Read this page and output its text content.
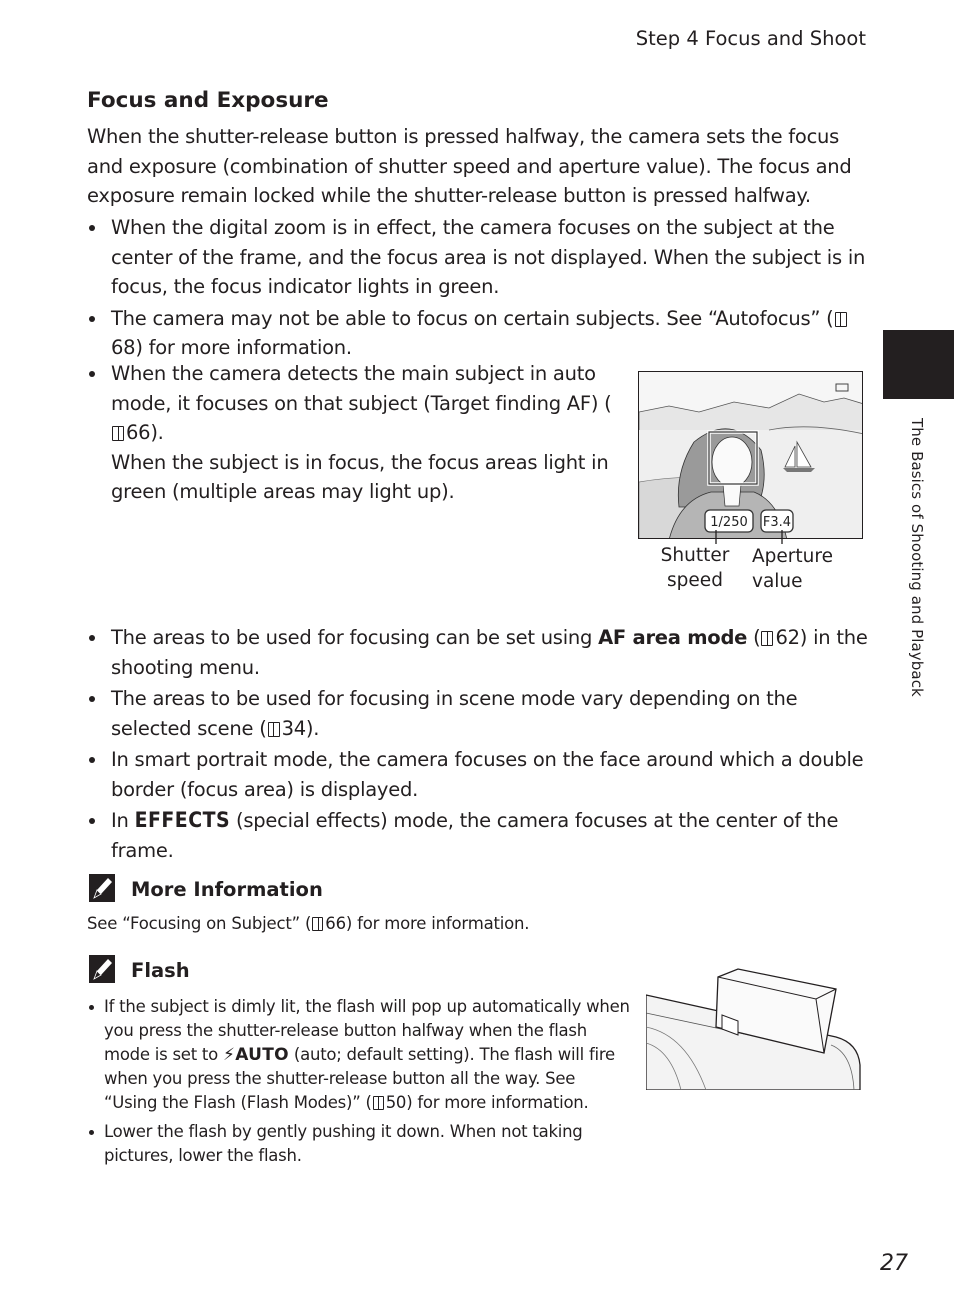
Step 4 Focus and Shoot
Focus and Exposure
When the shutter-release button is pressed halfway, the camera sets the focus and exposure (combination of shutter speed and aperture value). The focus and exposure remain locked while the shutter-release button is pressed halfway.
When the digital zoom is in effect, the camera focuses on the subject at the center of the frame, and the focus area is not displayed. When the subject is in focus, the focus indicator lights in green.
The camera may not be able to focus on certain subjects. See “Autofocus” (68) for more information.
When the camera detects the main subject in auto mode, it focuses on that subject (Target finding AF) (66).
When the subject is in focus, the focus areas light in green (multiple areas may light up).
1/250 F3.4
Shutter
speed
Aperture
value
The areas to be used for focusing can be set using AF area mode ( 62) in the shooting menu.
The areas to be used for focusing in scene mode vary depending on the selected scene ( 34).
In smart portrait mode, the camera focuses on the face around which a double border (focus area) is displayed.
In EFFECTS (special effects) mode, the camera focuses at the center of the frame.
More Information
See “Focusing on Subject” ( 66) for more information.
Flash
If the subject is dimly lit, the flash will pop up automatically when you press the shutter-release button halfway when the flash mode is set to ⚡AUTO (auto; default setting). The flash will fire when you press the shutter-release button all the way. See “Using the Flash (Flash Modes)” ( 50) for more information.
Lower the flash by gently pushing it down. When not taking pictures, lower the flash.
The Basics of Shooting and Playback
27
